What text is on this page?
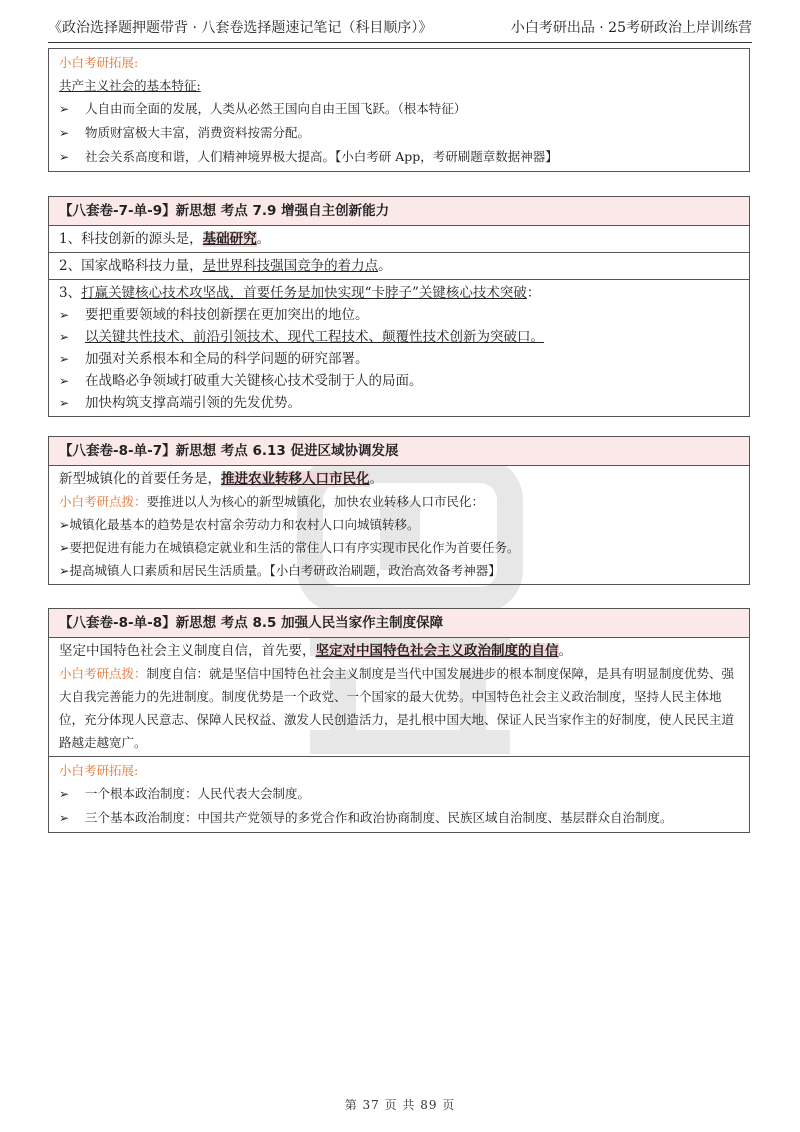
《政治选择题押题带背 · 八套卷选择题速记笔记（科目顺序）》	小白考研出品 · 25考研政治上岸训练营
小白考研拓展:
共产主义社会的基本特征:
➢	人自由而全面的发展，人类从必然王国向自由王国飞跃。（根本特征）
➢	物质财富极大丰富，消费资料按需分配。
➢	社会关系高度和谐，人们精神境界极大提高。【小白考研 App，考研刷题章数据神器】
【八套卷-7-单-9】新思想 考点 7.9 增强自主创新能力
1、科技创新的源头是，基础研究。
2、国家战略科技力量，是世界科技强国竞争的着力点。
3、打赢关键核心技术攻坚战，首要任务是加快实现“卡脖子”关键核心技术突破：
➢	要把重要领域的科技创新摆在更加突出的地位。
➢	以关键共性技术、前沿引领技术、现代工程技术、颠覆性技术创新为突破口。
➢	加强对关系根本和全局的科学问题的研究部署。
➢	在战略必争领域打破重大关键核心技术受制于人的局面。
➢	加快构筑支撑高端引领的先发优势。
【八套卷-8-单-7】新思想 考点 6.13 促进区域协调发展
新型城镇化的首要任务是，推进农业转移人口市民化。
小白考研点拨：要推进以人为核心的新型城镇化，加快农业转移人口市民化：
➢城镇化最基本的趋势是农村富余劳动力和农村人口向城镇转移。
➢要把促进有能力在城镇稳定就业和生活的常住人口有序实现市民化作为首要任务。
➢提高城镇人口素质和居民生活质量。【小白考研政治刷题，政治高效备考神器】
【八套卷-8-单-8】新思想 考点 8.5 加强人民当家作主制度保障
坚定中国特色社会主义制度自信，首先要，坚定对中国特色社会主义政治制度的自信。
小白考研点拨：制度自信：就是坚信中国特色社会主义制度是当代中国发展进步的根本制度保障，是具有明显制度优势、强大自我完善能力的先进制度。制度优势是一个政党、一个国家的最大优势。中国特色社会主义政治制度，坚持人民主体地位，充分体现人民意志、保障人民权益、激发人民创造活力，是扎根中国大地、保证人民当家作主的好制度，使人民民主道路越走越宽广。
小白考研拓展:
➢	一个根本政治制度：人民代表大会制度。
➢	三个基本政治制度：中国共产党领导的多党合作和政治协商制度、民族区域自治制度、基层群众自治制度。
第 37 页 共 89 页
